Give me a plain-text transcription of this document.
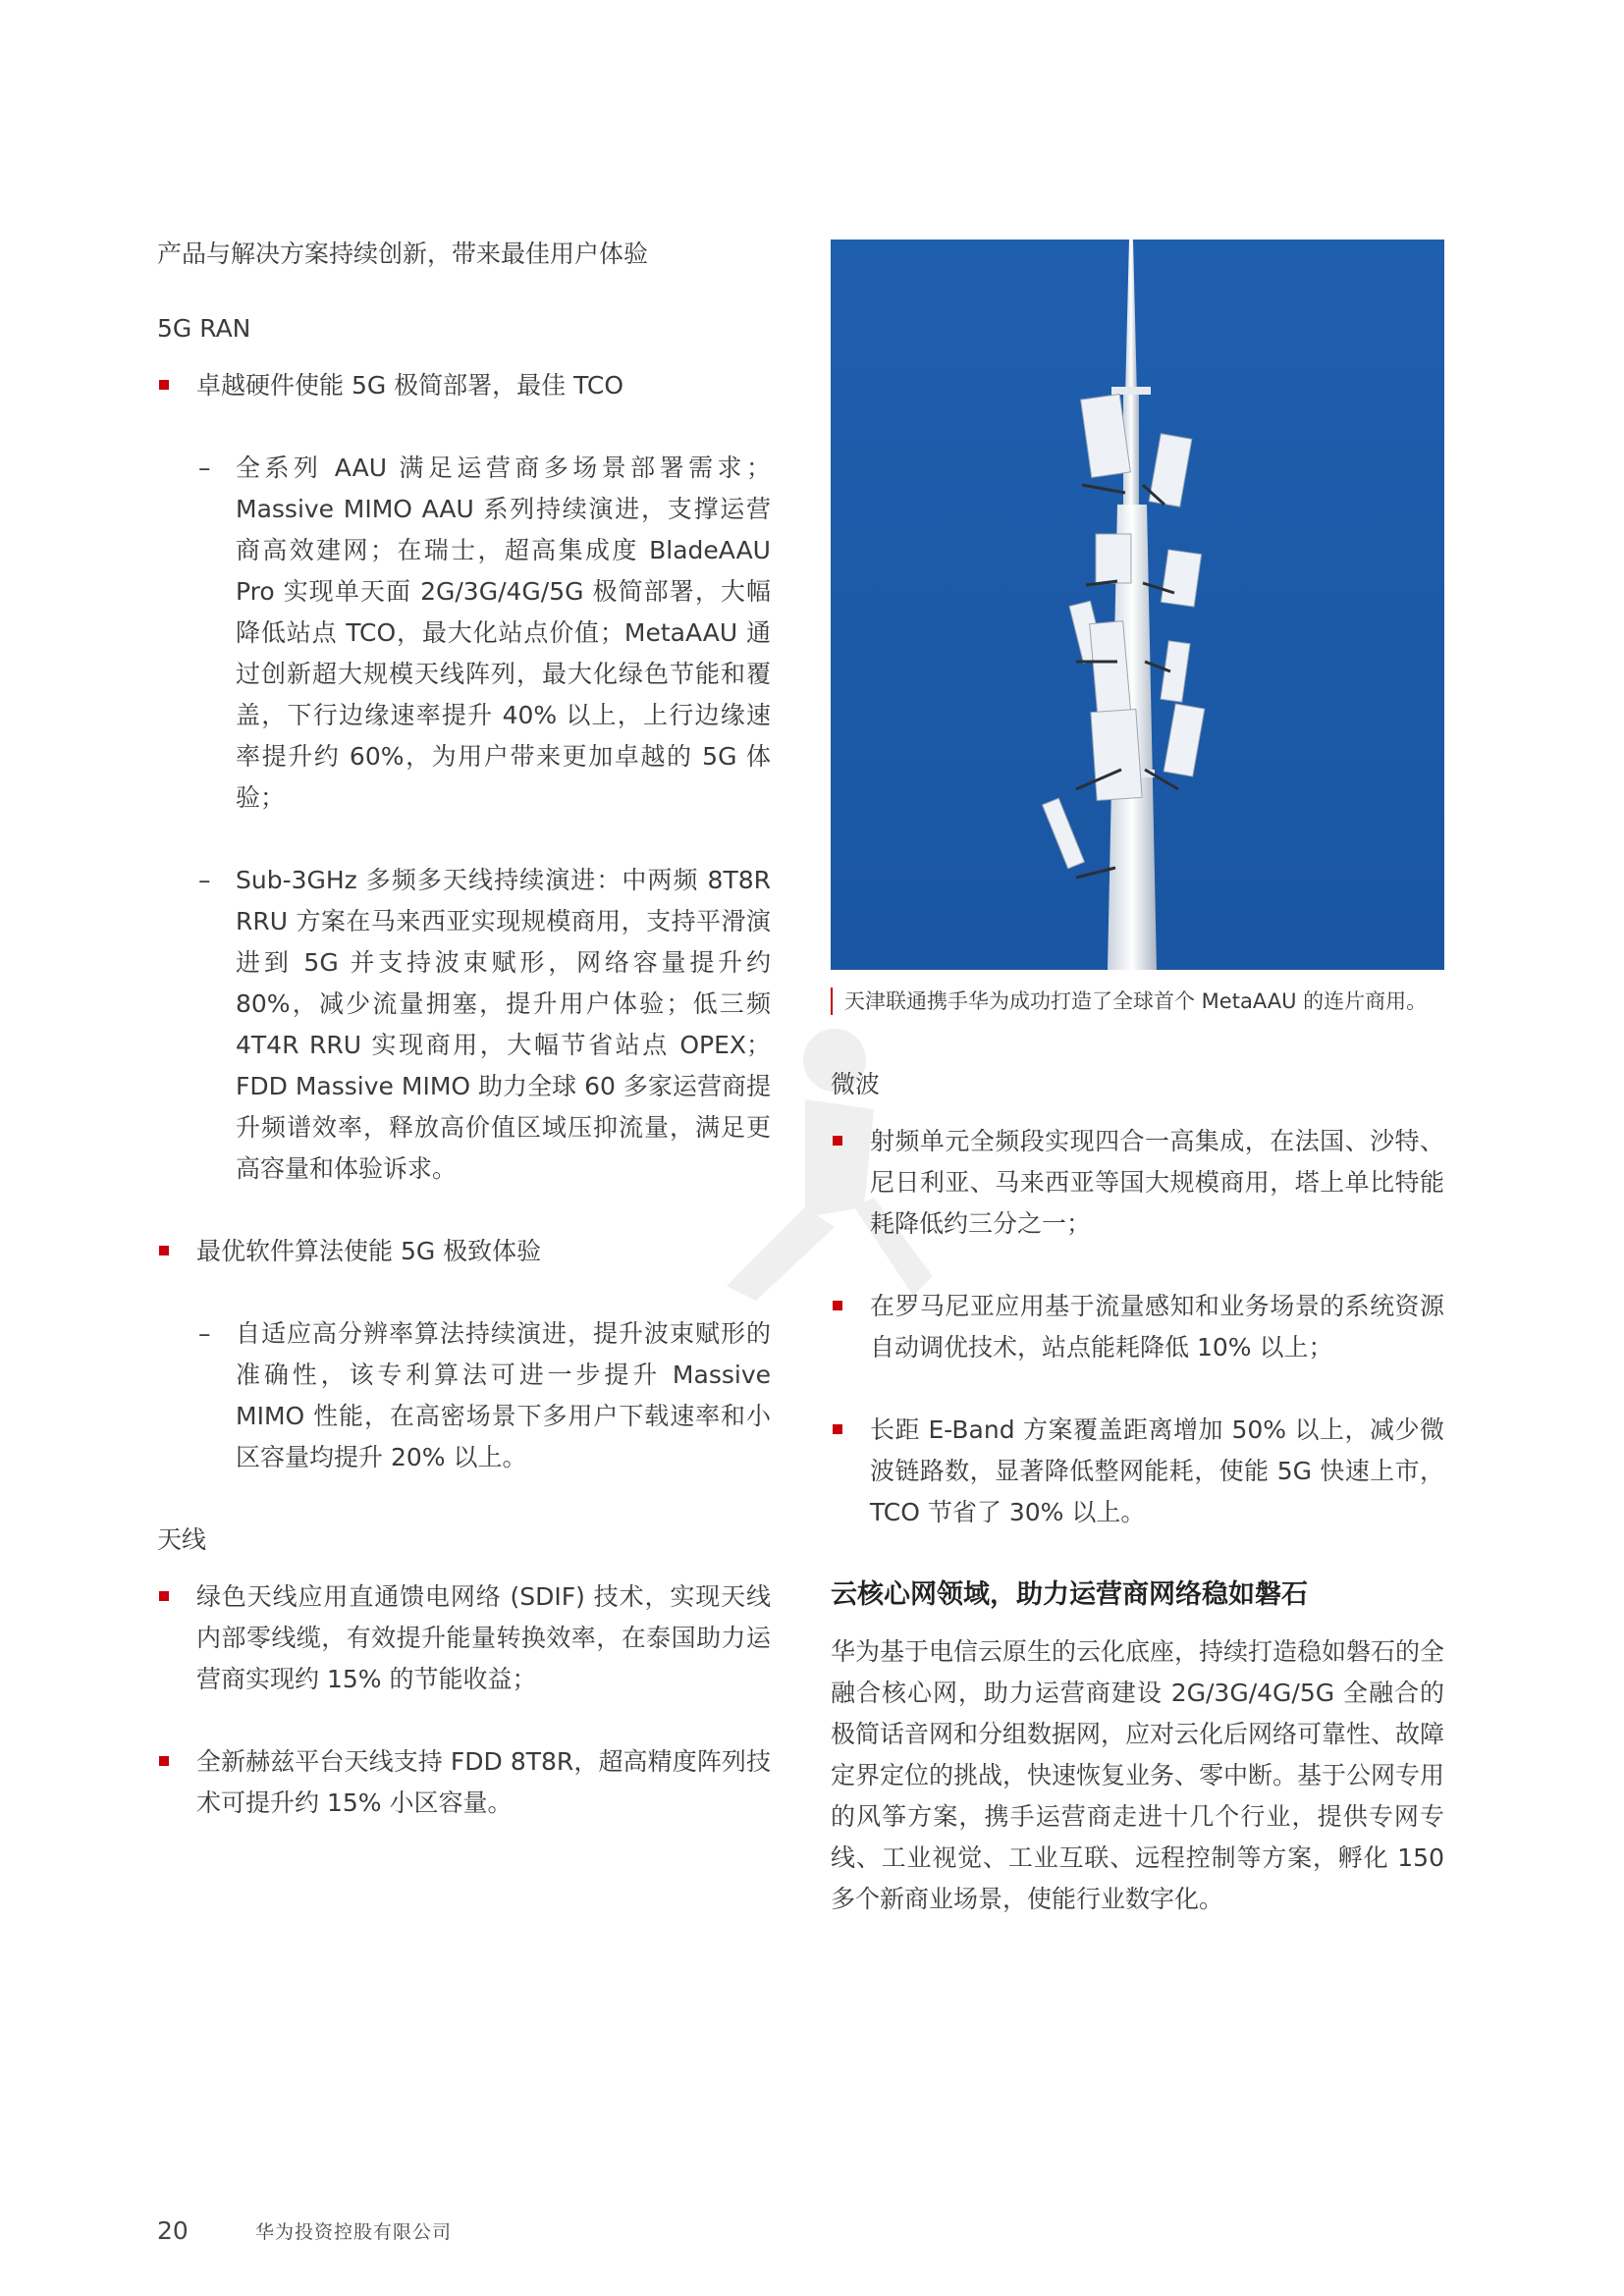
产品与解决方案持续创新，带来最佳用户体验

5G RAN

卓越硬件使能 5G 极简部署，最佳 TCO
– 全系列 AAU 满足运营商多场景部署需求；Massive MIMO AAU 系列持续演进，支撑运营商高效建网；在瑞士，超高集成度 BladeAAU Pro 实现单天面 2G/3G/4G/5G 极简部署，大幅降低站点 TCO，最大化站点价值；MetaAAU 通过创新超大规模天线阵列，最大化绿色节能和覆盖，下行边缘速率提升 40% 以上，上行边缘速率提升约 60%，为用户带来更加卓越的 5G 体验；
– Sub-3GHz 多频多天线持续演进：中两频 8T8R RRU 方案在马来西亚实现规模商用，支持平滑演进到 5G 并支持波束赋形，网络容量提升约 80%，减少流量拥塞，提升用户体验；低三频 4T4R RRU 实现商用，大幅节省站点 OPEX；FDD Massive MIMO 助力全球 60 多家运营商提升频谱效率，释放高价值区域压抑流量，满足更高容量和体验诉求。
最优软件算法使能 5G 极致体验
– 自适应高分辨率算法持续演进，提升波束赋形的准确性，该专利算法可进一步提升 Massive MIMO 性能，在高密场景下多用户下载速率和小区容量均提升 20% 以上。

天线

绿色天线应用直通馈电网络 (SDIF) 技术，实现天线内部零线缆，有效提升能量转换效率，在泰国助力运营商实现约 15% 的节能收益；
全新赫兹平台天线支持 FDD 8T8R，超高精度阵列技术可提升约 15% 小区容量。
天津联通携手华为成功打造了全球首个 MetaAAU 的连片商用。

微波

射频单元全频段实现四合一高集成，在法国、沙特、尼日利亚、马来西亚等国大规模商用，塔上单比特能耗降低约三分之一；
在罗马尼亚应用基于流量感知和业务场景的系统资源自动调优技术，站点能耗降低 10% 以上；
长距 E-Band 方案覆盖距离增加 50% 以上，减少微波链路数，显著降低整网能耗，使能 5G 快速上市，TCO 节省了 30% 以上。

云核心网领域，助力运营商网络稳如磐石

华为基于电信云原生的云化底座，持续打造稳如磐石的全融合核心网，助力运营商建设 2G/3G/4G/5G 全融合的极简话音网和分组数据网，应对云化后网络可靠性、故障定界定位的挑战，快速恢复业务、零中断。基于公网专用的风筝方案，携手运营商走进十几个行业，提供专网专线、工业视觉、工业互联、远程控制等方案，孵化 150 多个新商业场景，使能行业数字化。

20	华为投资控股有限公司
